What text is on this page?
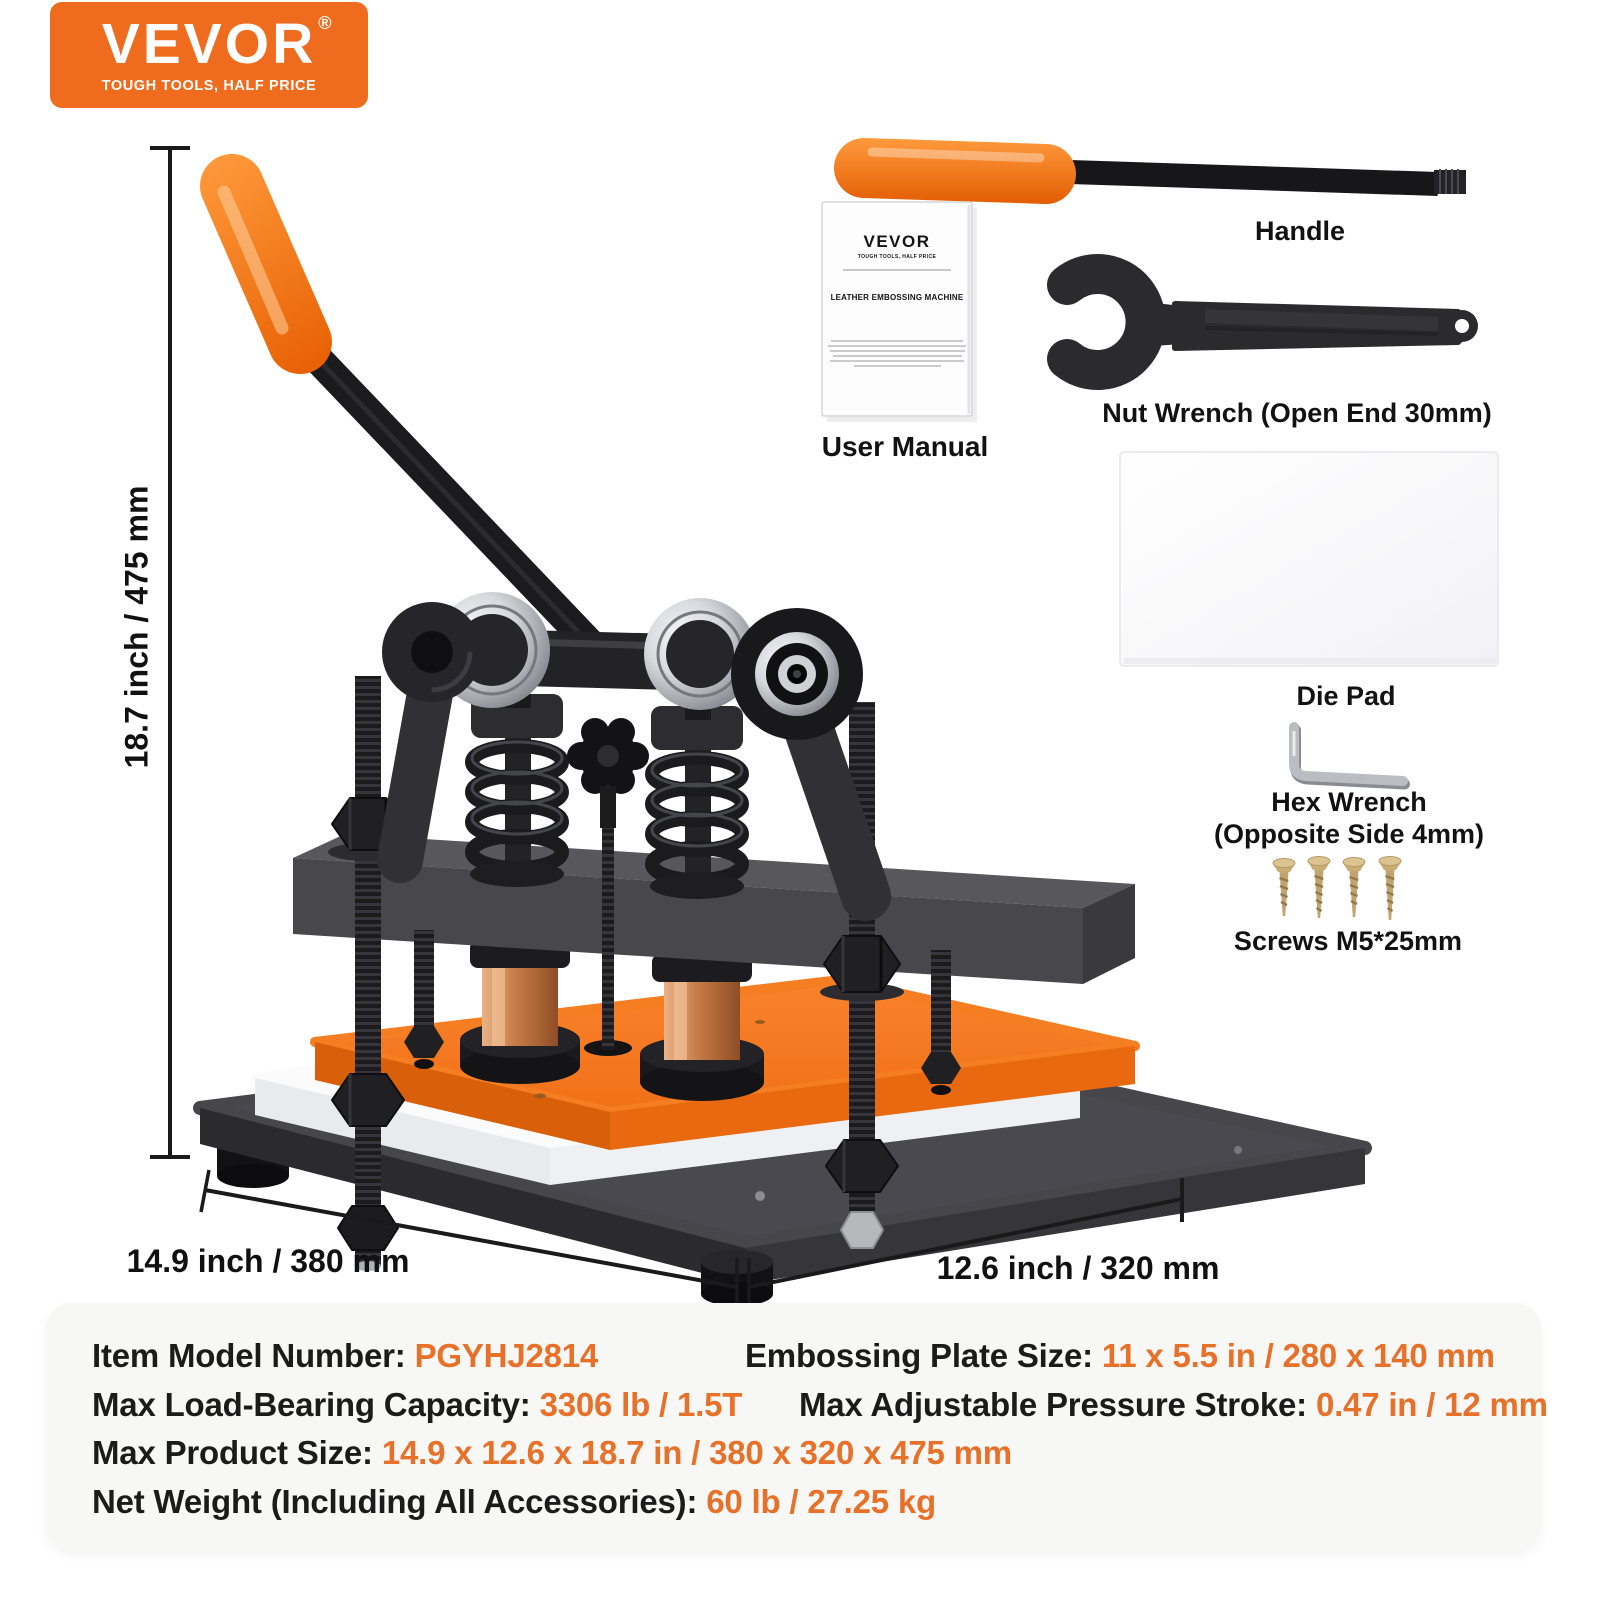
VEVOR ®
TOUGH TOOLS, HALF PRICE
VEVOR
TOUGH TOOLS, HALF PRICE
LEATHER EMBOSSING MACHINE
Handle
User Manual
Nut Wrench (Open End 30mm)
Die Pad
Hex Wrench
(Opposite Side 4mm)
Screws M5*25mm
18.7 inch / 475 mm
14.9 inch / 380 mm	12.6 inch / 320 mm
Item Model Number: PGYHJ2814	Embossing Plate Size: 11 x 5.5 in / 280 x 140 mm
Max Load-Bearing Capacity: 3306 lb / 1.5T Max Adjustable Pressure Stroke: 0.47 in / 12 mm
Max Product Size: 14.9 x 12.6 x 18.7 in / 380 x 320 x 475 mm
Net Weight (Including All Accessories): 60 lb / 27.25 kg
